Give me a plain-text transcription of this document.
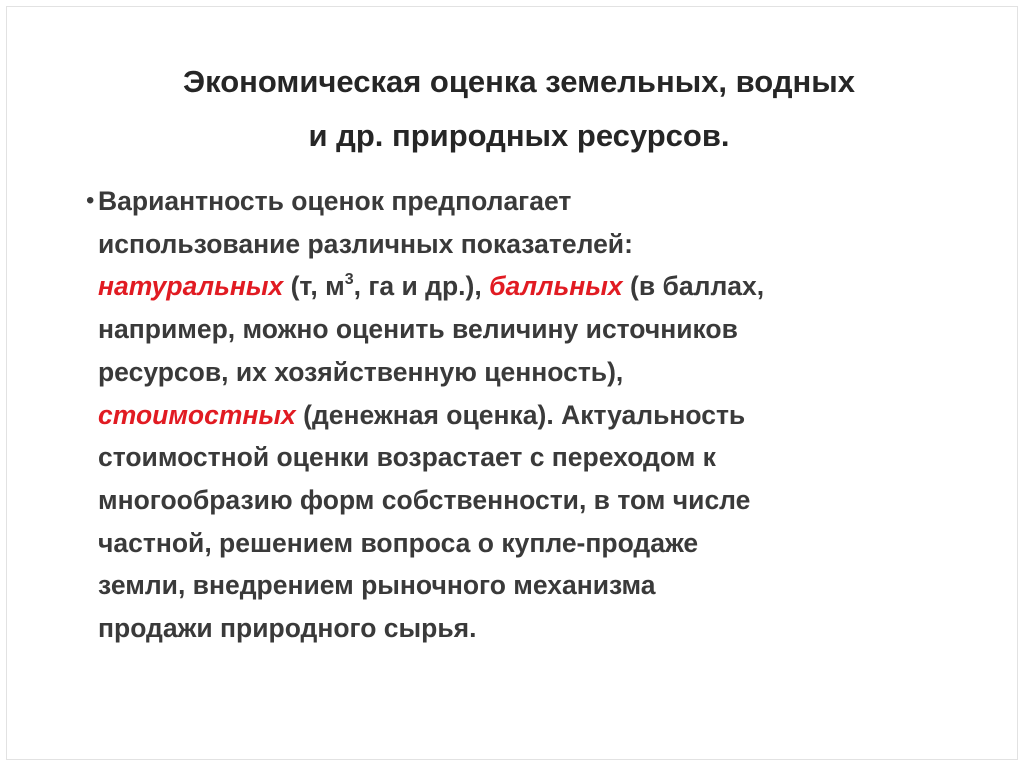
Экономическая оценка земельных, водных
и др. природных ресурсов.
• Вариантность оценок предполагает
использование различных показателей:
натуральных (т, $м^3$, га и др.), балльных (в баллах,
например, можно оценить величину источников
ресурсов, их хозяйственную ценность),
стоимостных (денежная оценка). Актуальность
стоимостной оценки возрастает с переходом к
многообразию форм собственности, в том числе
частной, решением вопроса о купле-продаже
земли, внедрением рыночного механизма
продажи природного сырья.
